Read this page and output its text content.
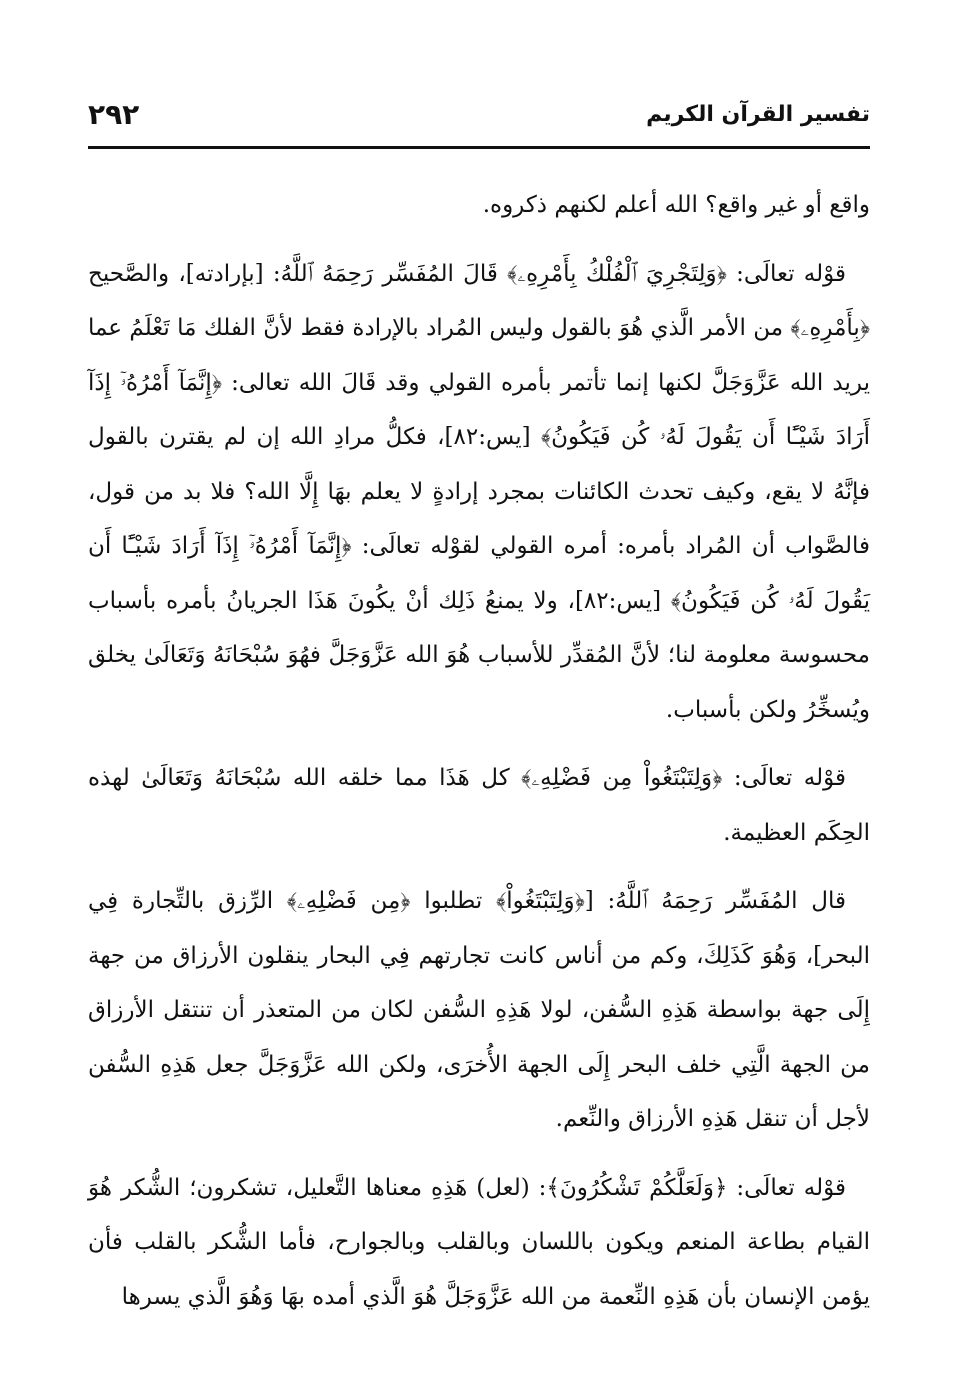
٢٩٢	تفسير القرآن الكريم

واقع أو غير واقع؟ الله أعلم لكنهم ذكروه.

قوْله تعالَى: ﴿وَلِتَجْرِيَ ٱلْفُلْكُ بِأَمْرِهِۦ﴾ قَالَ المُفَسِّر رَحِمَهُ ٱللَّهُ: [بإرادته]، والصَّحيح ﴿بِأَمْرِهِۦ﴾ من الأمر الَّذي هُوَ بالقول وليس المُراد بالإرادة فقط لأنَّ الفلك مَا تَعْلَمُ عما يريد الله عَزَّوَجَلَّ لكنها إنما تأتمر بأمره القولي وقد قَالَ الله تعالى: ﴿إِنَّمَآ أَمْرُهُۥٓ إِذَآ أَرَادَ شَيْـًٔا أَن يَقُولَ لَهُۥ كُن فَيَكُونُ﴾ [يس:٨٢]، فكلُّ مرادِ الله إن لم يقترن بالقول فإنَّهُ لا يقع، وكيف تحدث الكائنات بمجرد إرادةٍ لا يعلم بهَا إِلَّا الله؟ فلا بد من قول، فالصَّواب أن المُراد بأمره: أمره القولي لقوْله تعالَى: ﴿إِنَّمَآ أَمْرُهُۥٓ إِذَآ أَرَادَ شَيْـًٔا أَن يَقُولَ لَهُۥ كُن فَيَكُونُ﴾ [يس:٨٢]، ولا يمنعُ ذَلِك أنْ يكُونَ هَذَا الجريانُ بأمره بأسباب محسوسة معلومة لنا؛ لأنَّ المُقدِّر للأسباب هُوَ الله عَزَّوَجَلَّ فهُوَ سُبْحَانَهُ وَتَعَالَىٰ يخلق ويُسخِّرُ ولكن بأسباب.

قوْله تعالَى: ﴿وَلِتَبْتَغُواْ مِن فَضْلِهِۦ﴾ كل هَذَا مما خلقه الله سُبْحَانَهُ وَتَعَالَىٰ لهذه الحِكَم العظيمة.

قال المُفَسِّر رَحِمَهُ ٱللَّهُ: [﴿وَلِتَبْتَغُواْ﴾ تطلبوا ﴿مِن فَضْلِهِۦ﴾ الرِّزق بالتِّجارة فِي البحر]، وَهُوَ كَذَلِكَ، وكم من أناس كانت تجارتهم فِي البحار ينقلون الأرزاق من جهة إِلَى جهة بواسطة هَذِهِ السُّفن، لولا هَذِهِ السُّفن لكان من المتعذر أن تنتقل الأرزاق من الجهة الَّتِي خلف البحر إِلَى الجهة الأُخرَى، ولكن الله عَزَّوَجَلَّ جعل هَذِهِ السُّفن لأجل أن تنقل هَذِهِ الأرزاق والنِّعم.

قوْله تعالَى: ﴿وَلَعَلَّكُمْ تَشْكُرُونَ﴾: (لعل) هَذِهِ معناها التَّعليل، تشكرون؛ الشُّكر هُوَ القيام بطاعة المنعم ويكون باللسان وبالقلب وبالجوارح، فأما الشُّكر بالقلب فأن يؤمن الإنسان بأن هَذِهِ النِّعمة من الله عَزَّوَجَلَّ هُوَ الَّذي أمده بهَا وَهُوَ الَّذي يسرها
